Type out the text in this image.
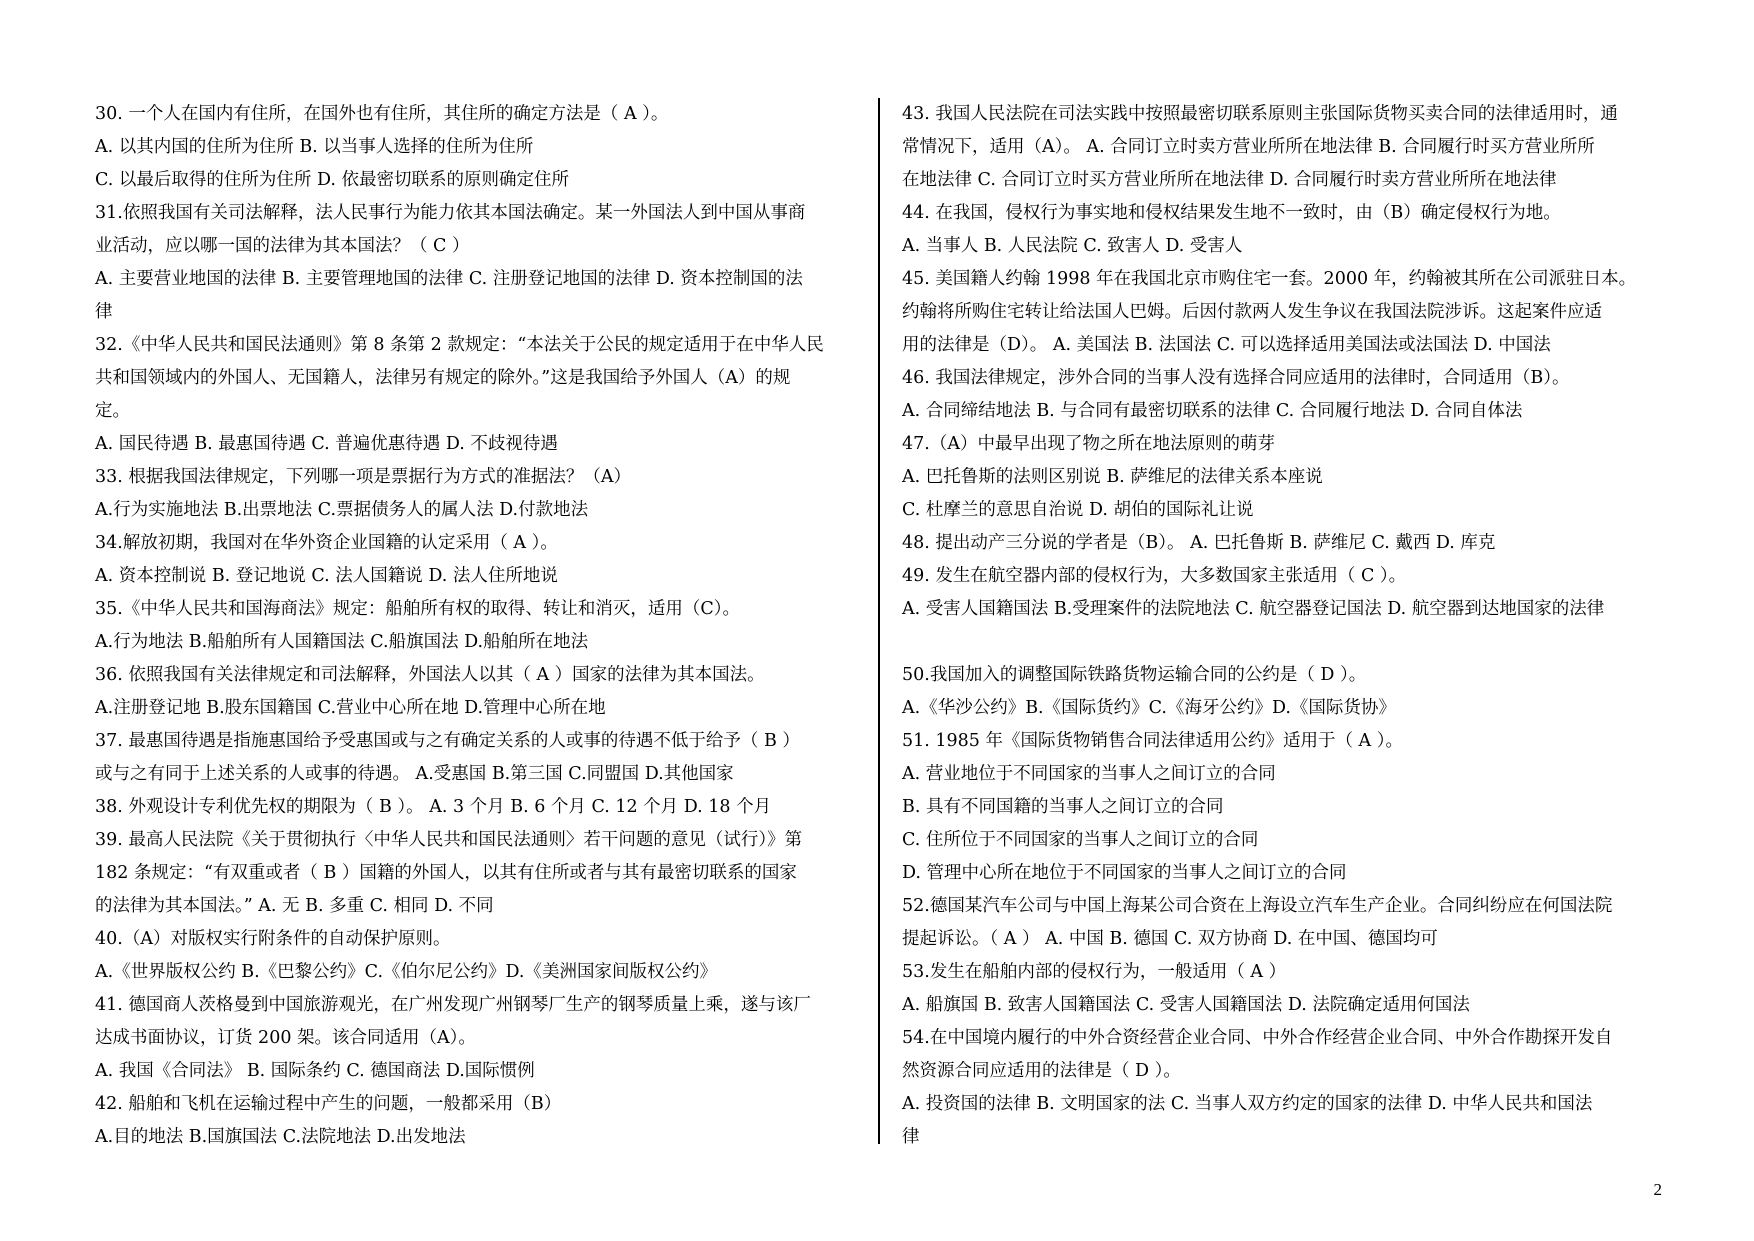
30. 一个人在国内有住所，在国外也有住所，其住所的确定方法是（ A ）。
A. 以其内国的住所为住所 B. 以当事人选择的住所为住所
C. 以最后取得的住所为住所 D. 依最密切联系的原则确定住所
31.依照我国有关司法解释，法人民事行为能力依其本国法确定。某一外国法人到中国从事商
业活动，应以哪一国的法律为其本国法？（ C ）
A. 主要营业地国的法律 B. 主要管理地国的法律 C. 注册登记地国的法律 D. 资本控制国的法
律
32.《中华人民共和国民法通则》第 8 条第 2 款规定：“本法关于公民的规定适用于在中华人民
共和国领域内的外国人、无国籍人，法律另有规定的除外。”这是我国给予外国人（A）的规
定。
A. 国民待遇 B. 最惠国待遇 C. 普遍优惠待遇 D. 不歧视待遇
33. 根据我国法律规定，下列哪一项是票据行为方式的准据法？（A）
A.行为实施地法 B.出票地法 C.票据债务人的属人法 D.付款地法
34.解放初期，我国对在华外资企业国籍的认定采用（ A ）。
A. 资本控制说 B. 登记地说 C. 法人国籍说 D. 法人住所地说
35.《中华人民共和国海商法》规定：船舶所有权的取得、转让和消灭，适用（C）。
A.行为地法 B.船舶所有人国籍国法 C.船旗国法 D.船舶所在地法
36. 依照我国有关法律规定和司法解释，外国法人以其（ A ）国家的法律为其本国法。
A.注册登记地 B.股东国籍国 C.营业中心所在地 D.管理中心所在地
37. 最惠国待遇是指施惠国给予受惠国或与之有确定关系的人或事的待遇不低于给予（ B ）
或与之有同于上述关系的人或事的待遇。 A.受惠国 B.第三国 C.同盟国 D.其他国家
38. 外观设计专利优先权的期限为（ B ）。 A. 3 个月 B. 6 个月 C. 12 个月 D. 18 个月
39. 最高人民法院《关于贯彻执行〈中华人民共和国民法通则〉若干问题的意见（试行）》第
182 条规定：“有双重或者（ B ）国籍的外国人，以其有住所或者与其有最密切联系的国家
的法律为其本国法。” A. 无 B. 多重 C. 相同 D. 不同
40.（A）对版权实行附条件的自动保护原则。
A.《世界版权公约 B.《巴黎公约》C.《伯尔尼公约》D.《美洲国家间版权公约》
41. 德国商人茨格曼到中国旅游观光，在广州发现广州钢琴厂生产的钢琴质量上乘，遂与该厂
达成书面协议，订货 200 架。该合同适用（A）。
A. 我国《合同法》 B. 国际条约 C. 德国商法 D.国际惯例
42. 船舶和飞机在运输过程中产生的问题，一般都采用（B）
A.目的地法 B.国旗国法 C.法院地法 D.出发地法
43. 我国人民法院在司法实践中按照最密切联系原则主张国际货物买卖合同的法律适用时，通
常情况下，适用（A）。 A. 合同订立时卖方营业所所在地法律 B. 合同履行时买方营业所所
在地法律 C. 合同订立时买方营业所所在地法律 D. 合同履行时卖方营业所所在地法律
44. 在我国，侵权行为事实地和侵权结果发生地不一致时，由（B）确定侵权行为地。
A. 当事人 B. 人民法院 C. 致害人 D. 受害人
45. 美国籍人约翰 1998 年在我国北京市购住宅一套。2000 年，约翰被其所在公司派驻日本。
约翰将所购住宅转让给法国人巴姆。后因付款两人发生争议在我国法院涉诉。这起案件应适
用的法律是（D）。 A. 美国法 B. 法国法 C. 可以选择适用美国法或法国法 D. 中国法
46. 我国法律规定，涉外合同的当事人没有选择合同应适用的法律时，合同适用（B）。
A. 合同缔结地法 B. 与合同有最密切联系的法律 C. 合同履行地法 D. 合同自体法
47.（A）中最早出现了物之所在地法原则的萌芽
A. 巴托鲁斯的法则区别说 B. 萨维尼的法律关系本座说
C. 杜摩兰的意思自治说 D. 胡伯的国际礼让说
48. 提出动产三分说的学者是（B）。 A. 巴托鲁斯 B. 萨维尼 C. 戴西 D. 库克
49. 发生在航空器内部的侵权行为，大多数国家主张适用（ C ）。
A. 受害人国籍国法 B.受理案件的法院地法 C. 航空器登记国法 D. 航空器到达地国家的法律
50.我国加入的调整国际铁路货物运输合同的公约是（ D ）。
A.《华沙公约》B.《国际货约》C.《海牙公约》D.《国际货协》
51. 1985 年《国际货物销售合同法律适用公约》适用于（ A ）。
A. 营业地位于不同国家的当事人之间订立的合同
B. 具有不同国籍的当事人之间订立的合同
C. 住所位于不同国家的当事人之间订立的合同
D. 管理中心所在地位于不同国家的当事人之间订立的合同
52.德国某汽车公司与中国上海某公司合资在上海设立汽车生产企业。合同纠纷应在何国法院
提起诉讼。（ A ） A. 中国 B. 德国 C. 双方协商 D. 在中国、德国均可
53.发生在船舶内部的侵权行为，一般适用（ A ）
A. 船旗国 B. 致害人国籍国法 C. 受害人国籍国法 D. 法院确定适用何国法
54.在中国境内履行的中外合资经营企业合同、中外合作经营企业合同、中外合作勘探开发自
然资源合同应适用的法律是（ D ）。
A. 投资国的法律 B. 文明国家的法 C. 当事人双方约定的国家的法律 D. 中华人民共和国法
律
2
